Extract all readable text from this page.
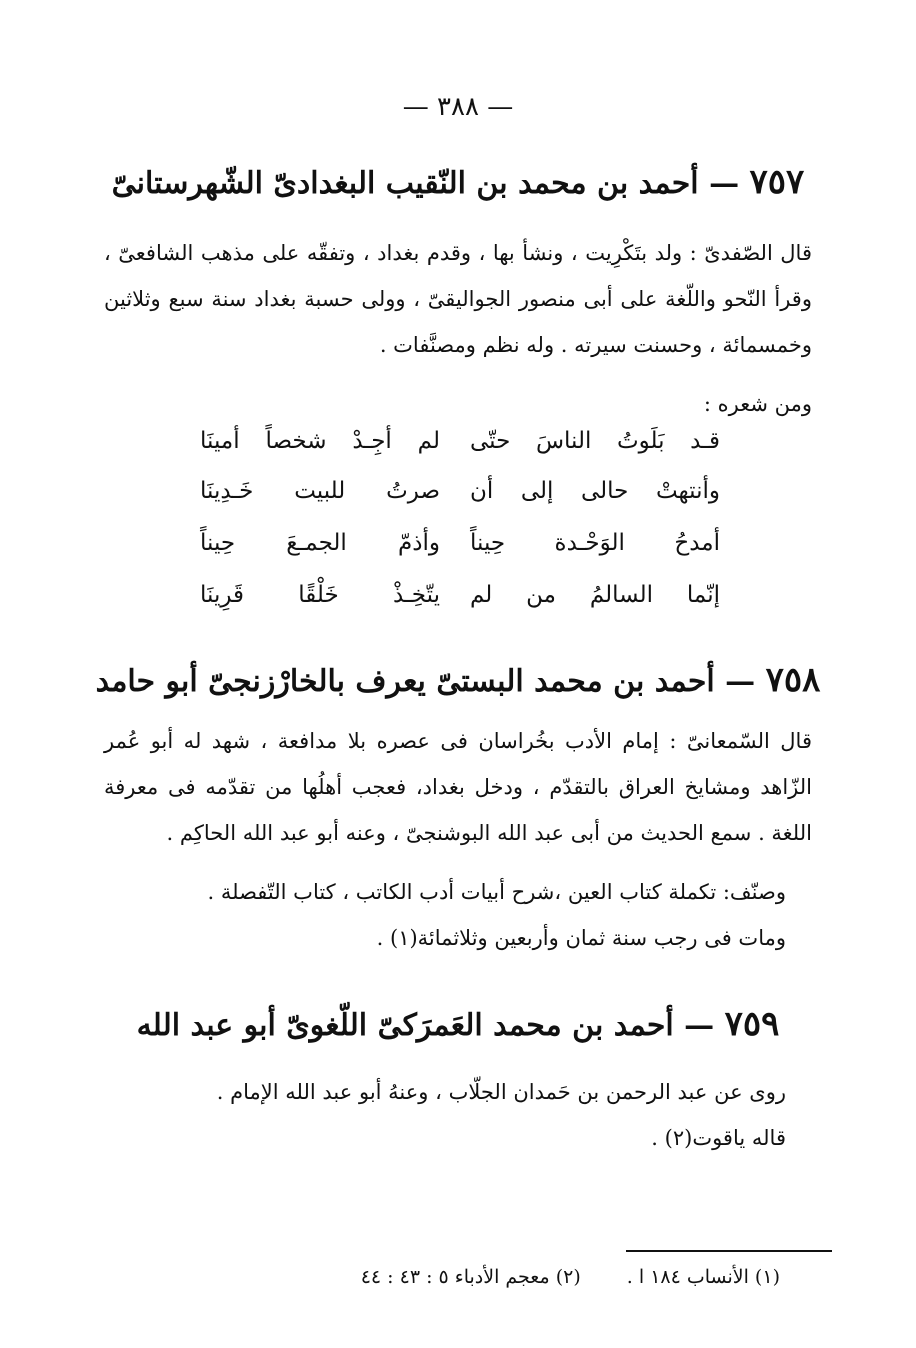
— ٣٨٨ —
٧٥٧ — أحمد بن محمد بن النّقيب البغدادىّ الشّهرستانىّ
قال الصّفدىّ : ولد بتَكْرِيت ، ونشأ بها ، وقدم بغداد ، وتفقّه على مذهب الشافعىّ ، وقرأ النّحو واللّغة على أبى منصور الجواليقىّ ، وولى حسبة بغداد سنة سبع وثلاثين وخمسمائة ، وحسنت سيرته . وله نظم ومصنَّفات .
ومن شعره :
قـد بَلَوتُ الناسَ حتّى
لم أجِـدْ شخصاً أمينَا
وأنتهتْ حالى إلى أن
صرتُ للبيت خَـدِينَا
أمدحُ الوَحْـدة حِيناً
وأذمّ الجمـعَ حِيناً
إنّما السالمُ من لم
يتّخِـذْ خَلْقًا قَرِينَا
٧٥٨ — أحمد بن محمد البستىّ يعرف بالخارْزنجىّ أبو حامد
قال السّمعانىّ : إمام الأدب بخُراسان فى عصره بلا مدافعة ، شهد له أبو عُمر الزّاهد ومشايخ العراق بالتقدّم ، ودخل بغداد، فعجب أهلُها من تقدّمه فى معرفة اللغة . سمع الحديث من أبى عبد الله البوشنجىّ ، وعنه أبو عبد الله الحاكِم .
وصنّف: تكملة كتاب العين ،شرح أبيات أدب الكاتب ، كتاب التّفصلة .
ومات فى رجب سنة ثمان وأربعين وثلاثمائة(١) .
٧٥٩ — أحمد بن محمد العَمرَكىّ اللّغوىّ أبو عبد الله
روى عن عبد الرحمن بن حَمدان الجلّاب ، وعنهُ أبو عبد الله الإمام .
قاله ياقوت(٢) .
(١) الأنساب ١٨٤ ا . (٢) معجم الأدباء ٥ : ٤٣ : ٤٤
